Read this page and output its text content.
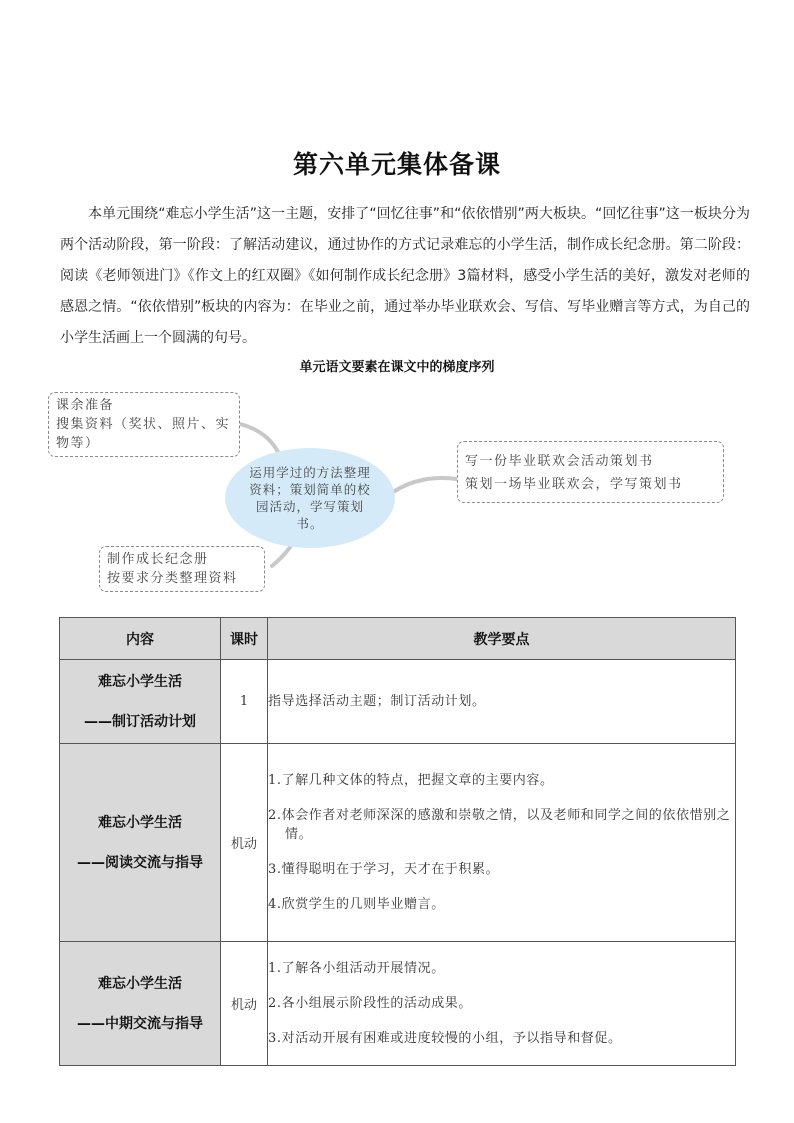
第六单元集体备课

本单元围绕“难忘小学生活”这一主题，安排了“回忆往事”和“依依惜别”两大板块。“回忆往事”这一板块分为两个活动阶段，第一阶段：了解活动建议，通过协作的方式记录难忘的小学生活，制作成长纪念册。第二阶段：阅读《老师领进门》《作文上的红双圈》《如何制作成长纪念册》3篇材料，感受小学生活的美好，激发对老师的感恩之情。“依依惜别”板块的内容为：在毕业之前，通过举办毕业联欢会、写信、写毕业赠言等方式，为自己的小学生活画上一个圆满的句号。

单元语文要素在课文中的梯度序列
运用学过的方法整理资料；策划简单的校园活动，学写策划书。
课余准备
搜集资料（奖状、照片、实物等）
写一份毕业联欢会活动策划书
策划一场毕业联欢会，学写策划书
制作成长纪念册
按要求分类整理资料
内容	课时	教学要点

难忘小学生活
——制订活动计划	1	指导选择活动主题；制订活动计划。

难忘小学生活
——阅读交流与指导	机动	1.了解几种文体的特点，把握文章的主要内容。
2.体会作者对老师深深的感激和崇敬之情，以及老师和同学之间的依依惜别之情。
3.懂得聪明在于学习，天才在于积累。
4.欣赏学生的几则毕业赠言。

难忘小学生活
——中期交流与指导	机动	1.了解各小组活动开展情况。
2.各小组展示阶段性的活动成果。
3.对活动开展有困难或进度较慢的小组，予以指导和督促。
